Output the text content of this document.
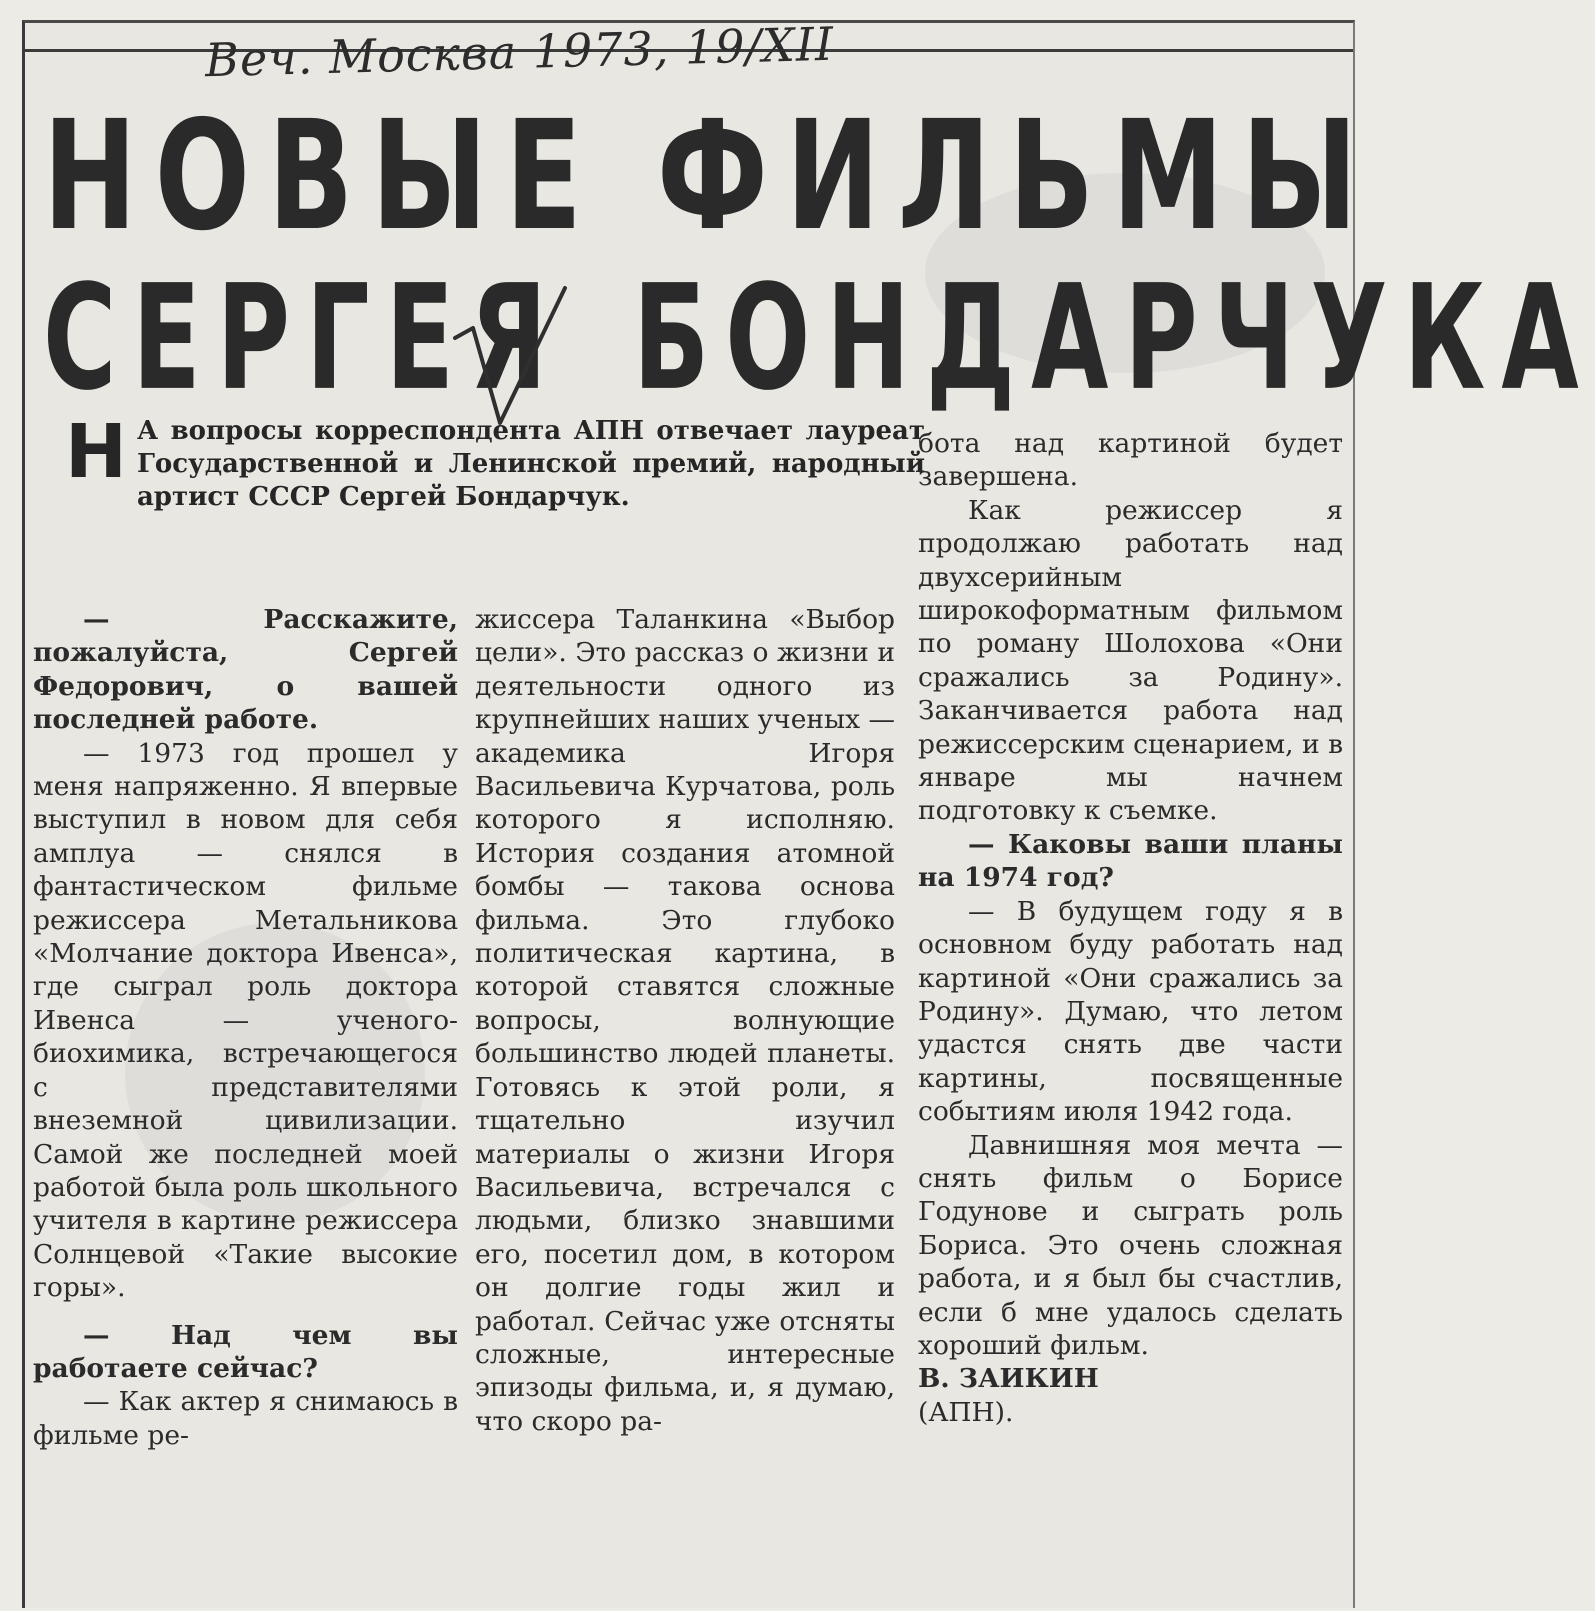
Веч. Москва 1973, 19/XII
НОВЫЕ ФИЛЬМЫ
СЕРГЕЯ БОНДАРЧУКА
Н А вопросы корреспондента АПН отвечает лауреат Государственной и Ленинской премий, народный артист СССР Сергей Бондарчук.

— Расскажите, пожалуйста, Сергей Федорович, о вашей последней работе.

— 1973 год прошел у меня напряженно. Я впервые выступил в новом для себя амплуа — снялся в фантастическом фильме режиссера Метальникова «Молчание доктора Ивенса», где сыграл роль доктора Ивенса — ученого-биохимика, встречающегося с представителями внеземной цивилизации. Самой же последней моей работой была роль школьного учителя в картине режиссера Солнцевой «Такие высокие горы».

— Над чем вы работаете сейчас?

— Как актер я снимаюсь в фильме ре-

жиссера Таланкина «Выбор цели». Это рассказ о жизни и деятельности одного из крупнейших наших ученых — академика Игоря Васильевича Курчатова, роль которого я исполняю. История создания атомной бомбы — такова основа фильма. Это глубоко политическая картина, в которой ставятся сложные вопросы, волнующие большинство людей планеты. Готовясь к этой роли, я тщательно изучил материалы о жизни Игоря Васильевича, встречался с людьми, близко знавшими его, посетил дом, в котором он долгие годы жил и работал. Сейчас уже отсняты сложные, интересные эпизоды фильма, и, я думаю, что скоро ра-

бота над картиной будет завершена.

Как режиссер я продолжаю работать над двухсерийным широкоформатным фильмом по роману Шолохова «Они сражались за Родину». Заканчивается работа над режиссерским сценарием, и в январе мы начнем подготовку к съемке.

— Каковы ваши планы на 1974 год?

— В будущем году я в основном буду работать над картиной «Они сражались за Родину». Думаю, что летом удастся снять две части картины, посвященные событиям июля 1942 года.

Давнишняя моя мечта — снять фильм о Борисе Годунове и сыграть роль Бориса. Это очень сложная работа, и я был бы счастлив, если б мне удалось сделать хороший фильм.

В. ЗАИКИН

(АПН).
